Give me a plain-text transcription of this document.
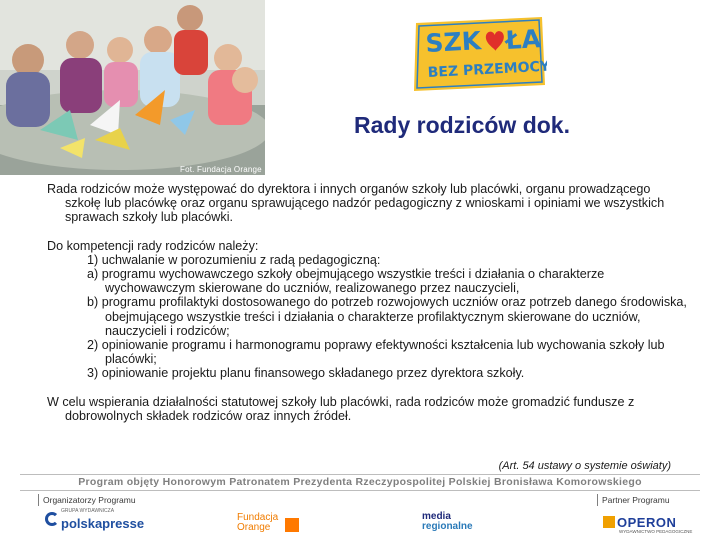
Fot. Fundacja Orange
SZK ŁA
BEZ PRZEMOCY
Rady rodziców dok.

Rada rodziców może występować do dyrektora i innych organów szkoły lub placówki, organu prowadzącego szkołę lub placówkę oraz organu sprawującego nadzór pedagogiczny z wnioskami i opiniami we wszystkich sprawach szkoły lub placówki.

Do kompetencji rady rodziców należy:

1) uchwalanie w porozumieniu z radą pedagogiczną:

a) programu wychowawczego szkoły obejmującego wszystkie treści i działania o charakterze wychowawczym skierowane do uczniów, realizowanego przez nauczycieli,

b) programu profilaktyki dostosowanego do potrzeb rozwojowych uczniów oraz potrzeb danego środowiska, obejmującego wszystkie treści i działania o charakterze profilaktycznym skierowane do uczniów, nauczycieli i rodziców;

2) opiniowanie programu i harmonogramu poprawy efektywności kształcenia lub wychowania szkoły lub placówki;

3) opiniowanie projektu planu finansowego składanego przez dyrektora szkoły.

W celu wspierania działalności statutowej szkoły lub placówki, rada rodziców może gromadzić fundusze z dobrowolnych składek rodziców oraz innych źródeł.

(Art. 54 ustawy o systemie oświaty)
Program objęty Honorowym Patronatem Prezydenta Rzeczypospolitej Polskiej Bronisława Komorowskiego
Organizatorzy Programu	Partner Programu
GRUPA WYDAWNICZA
polskapresse	Fundacja
Orange
media
regionalne	OPERON
WYDAWNICTWO PEDAGOGICZNE
